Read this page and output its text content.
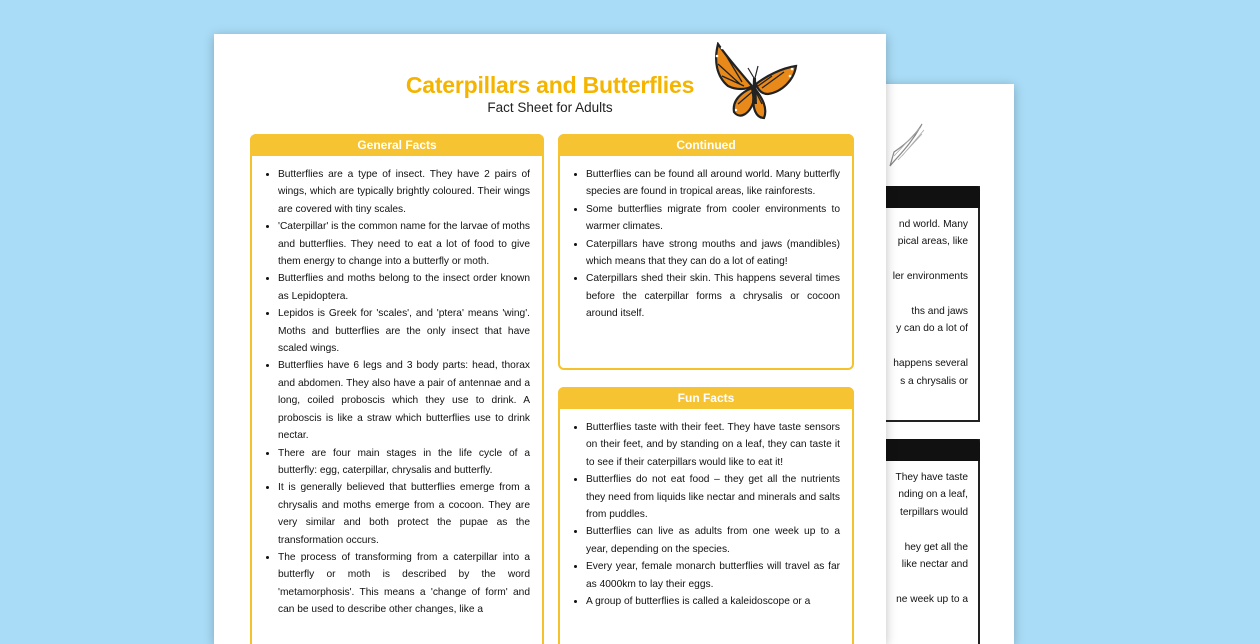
nd world. Many
pical areas, like
ler environments
ths and jaws
y can do a lot of
happens several
s a chrysalis or
They have taste
nding on a leaf,
terpillars would
hey get all the
like nectar and
ne week up to a
Caterpillars and Butterflies
Fact Sheet for Adults
General Facts
• Butterflies are a type of insect. They have 2 pairs of wings, which are typically brightly coloured. Their wings are covered with tiny scales.
• 'Caterpillar' is the common name for the larvae of moths and butterflies. They need to eat a lot of food to give them energy to change into a butterfly or moth.
• Butterflies and moths belong to the insect order known as Lepidoptera.
• Lepidos is Greek for 'scales', and 'ptera' means 'wing'. Moths and butterflies are the only insect that have scaled wings.
• Butterflies have 6 legs and 3 body parts: head, thorax and abdomen. They also have a pair of antennae and a long, coiled proboscis which they use to drink. A proboscis is like a straw which butterflies use to drink nectar.
• There are four main stages in the life cycle of a butterfly: egg, caterpillar, chrysalis and butterfly.
• It is generally believed that butterflies emerge from a chrysalis and moths emerge from a cocoon. They are very similar and both protect the pupae as the transformation occurs.
• The process of transforming from a caterpillar into a butterfly or moth is described by the word 'metamorphosis'. This means a 'change of form' and can be used to describe other changes, like a
Continued
• Butterflies can be found all around world. Many butterfly species are found in tropical areas, like rainforests.
• Some butterflies migrate from cooler environments to warmer climates.
• Caterpillars have strong mouths and jaws (mandibles) which means that they can do a lot of eating!
• Caterpillars shed their skin. This happens several times before the caterpillar forms a chrysalis or cocoon around itself.
Fun Facts
• Butterflies taste with their feet. They have taste sensors on their feet, and by standing on a leaf, they can taste it to see if their caterpillars would like to eat it!
• Butterflies do not eat food – they get all the nutrients they need from liquids like nectar and minerals and salts from puddles.
• Butterflies can live as adults from one week up to a year, depending on the species.
• Every year, female monarch butterflies will travel as far as 4000km to lay their eggs.
• A group of butterflies is called a kaleidoscope or a
